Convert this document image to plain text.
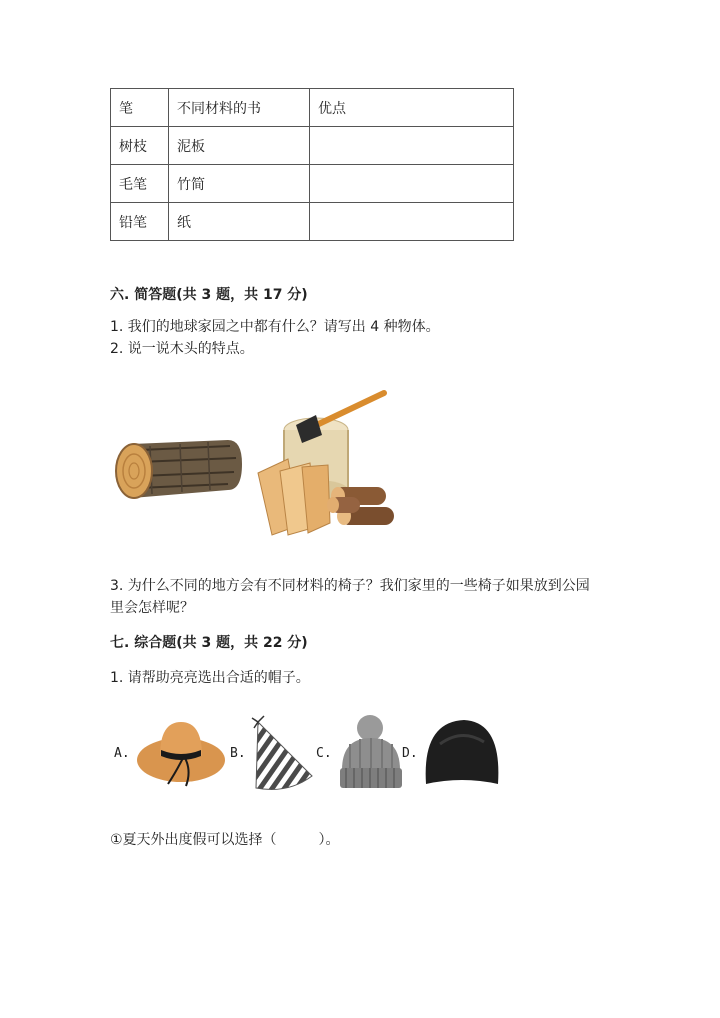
笔	不同材料的书	优点
树枝	泥板	
毛笔	竹简	
铅笔	纸	
六. 简答题(共 3 题，共 17 分)
1. 我们的地球家园之中都有什么？请写出 4 种物体。
2. 说一说木头的特点。
3. 为什么不同的地方会有不同材料的椅子？我们家里的一些椅子如果放到公园
里会怎样呢？
七. 综合题(共 3 题，共 22 分)
1. 请帮助亮亮选出合适的帽子。
A.	B.	C.	D.
①夏天外出度假可以选择（　　　）。
